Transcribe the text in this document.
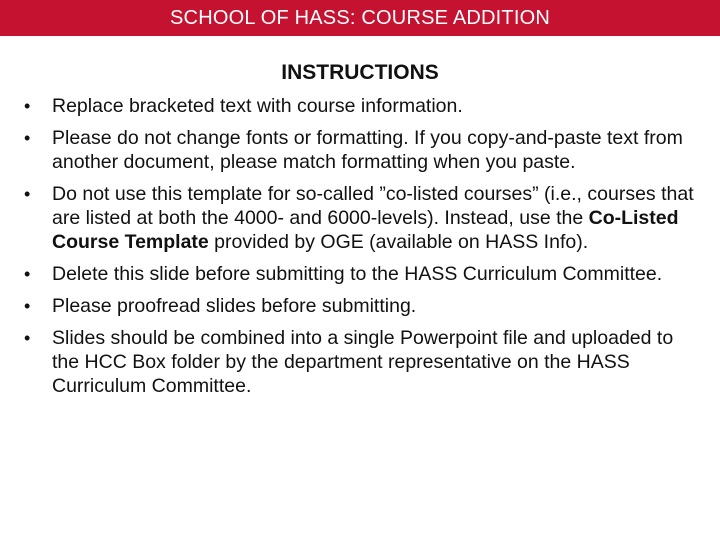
SCHOOL OF HASS: COURSE ADDITION
INSTRUCTIONS
•	Replace bracketed text with course information.
•	Please do not change fonts or formatting. If you copy-and-paste text from another document, please match formatting when you paste.
•	Do not use this template for so-called ”co-listed courses” (i.e., courses that are listed at both the 4000- and 6000-levels). Instead, use the Co-Listed Course Template provided by OGE (available on HASS Info).
•	Delete this slide before submitting to the HASS Curriculum Committee.
•	Please proofread slides before submitting.
•	Slides should be combined into a single Powerpoint file and uploaded to the HCC Box folder by the department representative on the HASS Curriculum Committee.
